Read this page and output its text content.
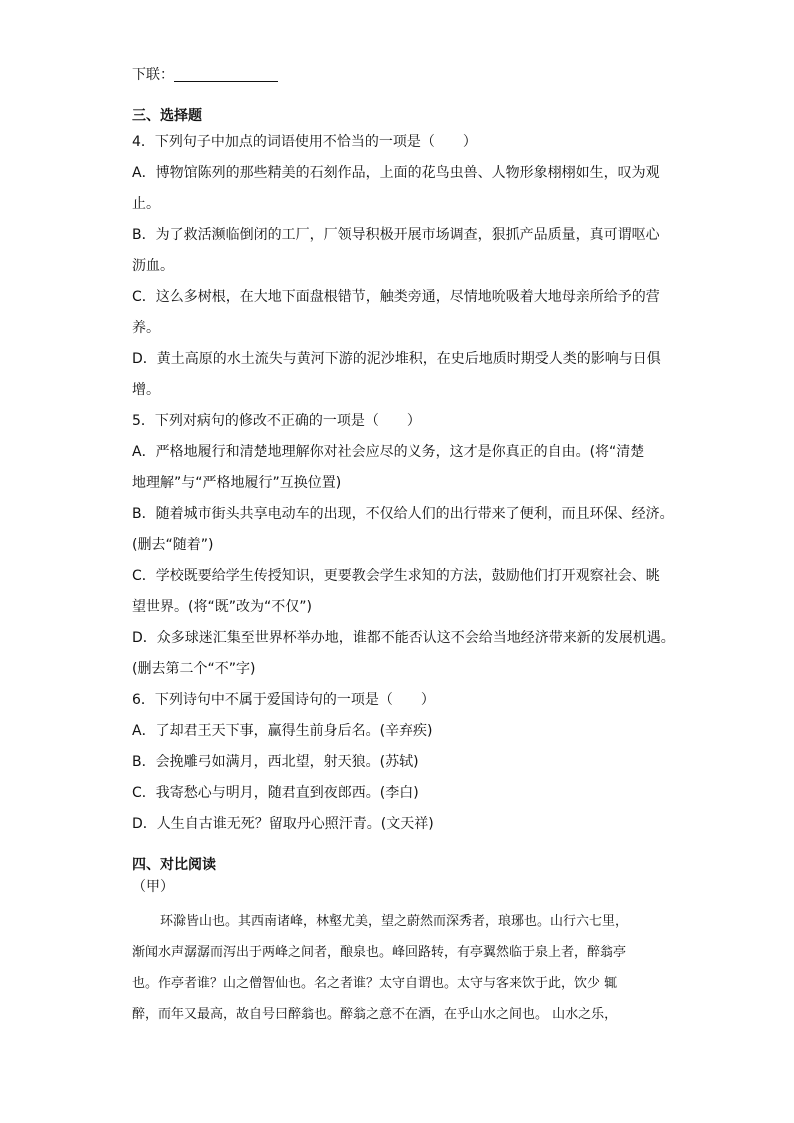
下联：
三、选择题
4．下列句子中加点的词语使用不恰当的一项是（　　）
A．博物馆陈列的那些精美的石刻作品，上面的花鸟虫兽、人物形象栩栩如生，叹为观
止。
B．为了救活濒临倒闭的工厂，厂领导积极开展市场调查，狠抓产品质量，真可谓呕心
沥血。
C．这么多树根，在大地下面盘根错节，触类旁通，尽情地吮吸着大地母亲所给予的营
养。
D．黄土高原的水土流失与黄河下游的泥沙堆积，在史后地质时期受人类的影响与日俱
增。
5．下列对病句的修改不正确的一项是（　　）
A．严格地履行和清楚地理解你对社会应尽的义务，这才是你真正的自由。(将“清楚
地理解”与“严格地履行”互换位置)
B．随着城市街头共享电动车的出现，不仅给人们的出行带来了便利，而且环保、经济。
(删去“随着”)
C．学校既要给学生传授知识，更要教会学生求知的方法，鼓励他们打开观察社会、眺
望世界。(将“既”改为“不仅”)
D．众多球迷汇集至世界杯举办地，谁都不能否认这不会给当地经济带来新的发展机遇。
(删去第二个“不”字)
6．下列诗句中不属于爱国诗句的一项是（　　）
A．了却君王天下事，赢得生前身后名。(辛弃疾)
B．会挽雕弓如满月，西北望，射天狼。(苏轼)
C．我寄愁心与明月，随君直到夜郎西。(李白)
D．人生自古谁无死？留取丹心照汗青。(文天祥)
四、对比阅读
（甲）
环滁皆山也。其西南诸峰，林壑尤美，望之蔚然而深秀者，琅琊也。山行六七里，
渐闻水声潺潺而泻出于两峰之间者，酿泉也。峰回路转，有亭翼然临于泉上者，醉翁亭
也。作亭者谁？山之僧智仙也。名之者谁？太守自谓也。太守与客来饮于此，饮少 辄
醉，而年又最高，故自号曰醉翁也。醉翁之意不在酒，在乎山水之间也。 山水之乐，
